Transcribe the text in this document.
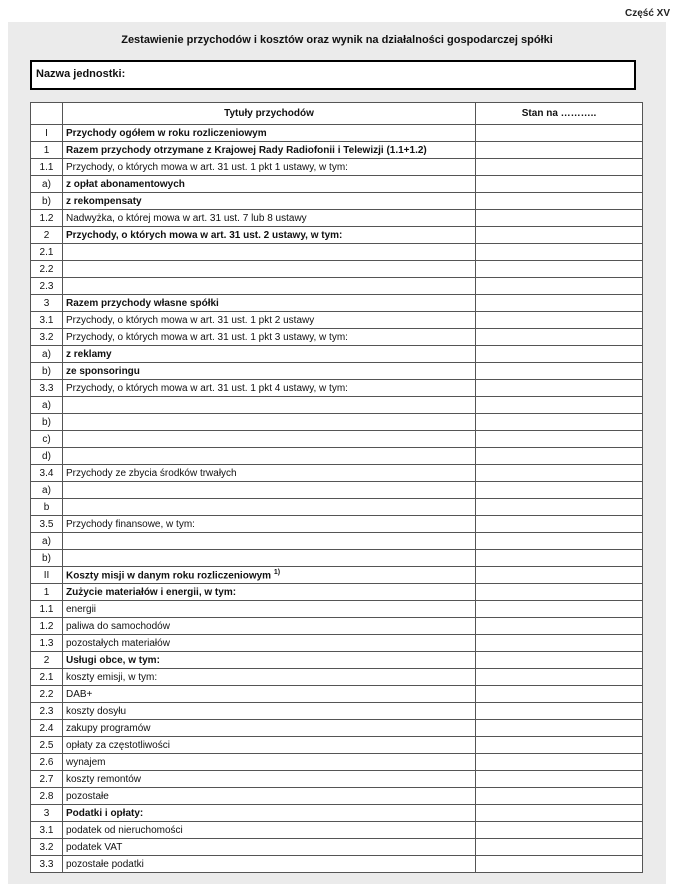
Część XV
Zestawienie przychodów i kosztów oraz wynik na działalności gospodarczej spółki
Nazwa jednostki:
	Tytuły przychodów	Stan na ………..
I	Przychody ogółem w roku rozliczeniowym	
1	Razem przychody otrzymane z Krajowej Rady Radiofonii i Telewizji (1.1+1.2)	
1.1	Przychody, o których mowa w art. 31 ust. 1 pkt 1 ustawy, w tym:	
a)	z opłat abonamentowych	
b)	z rekompensaty	
1.2	Nadwyżka, o której mowa w art. 31 ust. 7 lub 8 ustawy	
2	Przychody, o których mowa w art. 31 ust. 2 ustawy, w tym:	
2.1		
2.2		
2.3		
3	Razem przychody własne spółki	
3.1	Przychody, o których mowa w art. 31 ust. 1 pkt 2 ustawy	
3.2	Przychody, o których mowa w art. 31 ust. 1 pkt 3 ustawy, w tym:	
a)	z reklamy	
b)	ze sponsoringu	
3.3	Przychody, o których mowa w art. 31 ust. 1 pkt 4 ustawy, w tym:	
a)		
b)		
c)		
d)		
3.4	Przychody ze zbycia środków trwałych	
a)		
b		
3.5	Przychody finansowe, w tym:	
a)		
b)		
II	Koszty misji w danym roku rozliczeniowym $^{1)}$	
1	Zużycie materiałów i energii, w tym:	
1.1	energii	
1.2	paliwa do samochodów	
1.3	pozostałych materiałów	
2	Usługi obce, w tym:	
2.1	koszty emisji, w tym:	
2.2	DAB+	
2.3	koszty dosyłu	
2.4	zakupy programów	
2.5	opłaty za częstotliwości	
2.6	wynajem	
2.7	koszty remontów	
2.8	pozostałe	
3	Podatki i opłaty:	
3.1	podatek od nieruchomości	
3.2	podatek VAT	
3.3	pozostałe podatki	
